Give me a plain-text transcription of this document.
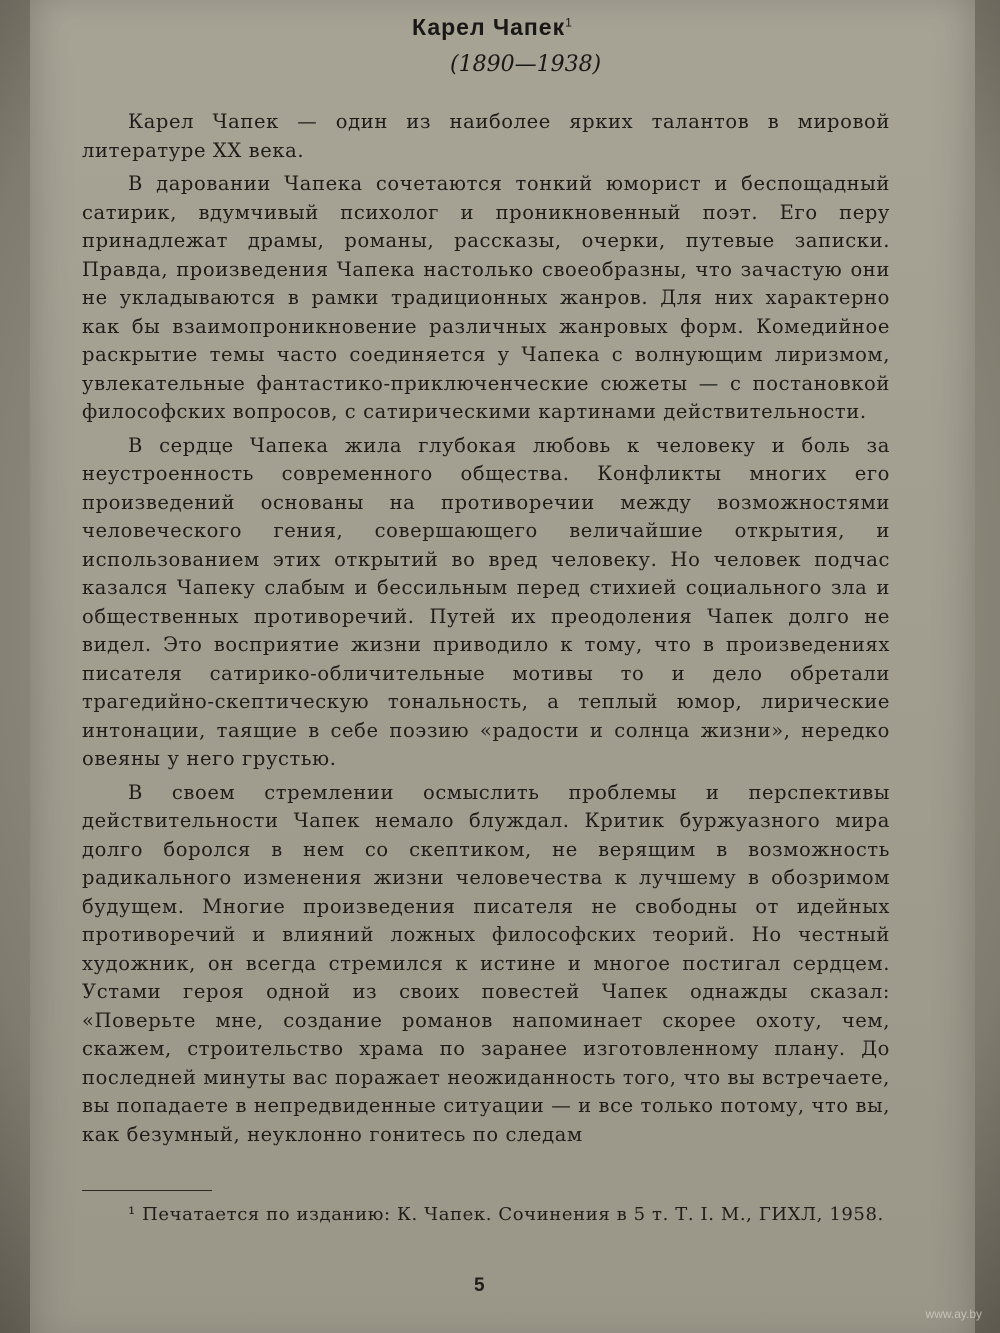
Карел Чапек$^1$

(1890—1938)

Карел Чапек — один из наиболее ярких талантов в мировой литературе XX века.

В даровании Чапека сочетаются тонкий юморист и беспощадный сатирик, вдумчивый психолог и проникновенный поэт. Его перу принадлежат драмы, романы, рассказы, очерки, путевые записки. Правда, произведения Чапека настолько своеобразны, что зачастую они не укладываются в рамки традиционных жанров. Для них характерно как бы взаимопроникновение различных жанровых форм. Комедийное раскрытие темы часто соединяется у Чапека с волнующим лиризмом, увлекательные фантастико-приключенческие сюжеты — с постановкой философских вопросов, с сатирическими картинами действительности.

В сердце Чапека жила глубокая любовь к человеку и боль за неустроенность современного общества. Конфликты многих его произведений основаны на противоречии между возможностями человеческого гения, совершающего величайшие открытия, и использованием этих открытий во вред человеку. Но человек подчас казался Чапеку слабым и бессильным перед стихией социального зла и общественных противоречий. Путей их преодоления Чапек долго не видел. Это восприятие жизни приводило к тому, что в произведениях писателя сатирико-обличительные мотивы то и дело обретали трагедийно-скептическую тональность, а теплый юмор, лирические интонации, таящие в себе поэзию «радости и солнца жизни», нередко овеяны у него грустью.

В своем стремлении осмыслить проблемы и перспективы действительности Чапек немало блуждал. Критик буржуазного мира долго боролся в нем со скептиком, не верящим в возможность радикального изменения жизни человечества к лучшему в обозримом будущем. Многие произведения писателя не свободны от идейных противоречий и влияний ложных философских теорий. Но честный художник, он всегда стремился к истине и многое постигал сердцем. Устами героя одной из своих повестей Чапек однажды сказал: «Поверьте мне, создание романов напоминает скорее охоту, чем, скажем, строительство храма по заранее изготовленному плану. До последней минуты вас поражает неожиданность того, что вы встречаете, вы попадаете в непредвиденные ситуации — и все только потому, что вы, как безумный, неуклонно гонитесь по следам

¹ Печатается по изданию: К. Чапек. Сочинения в 5 т. Т. I. М., ГИХЛ, 1958.

5

www.ay.by
